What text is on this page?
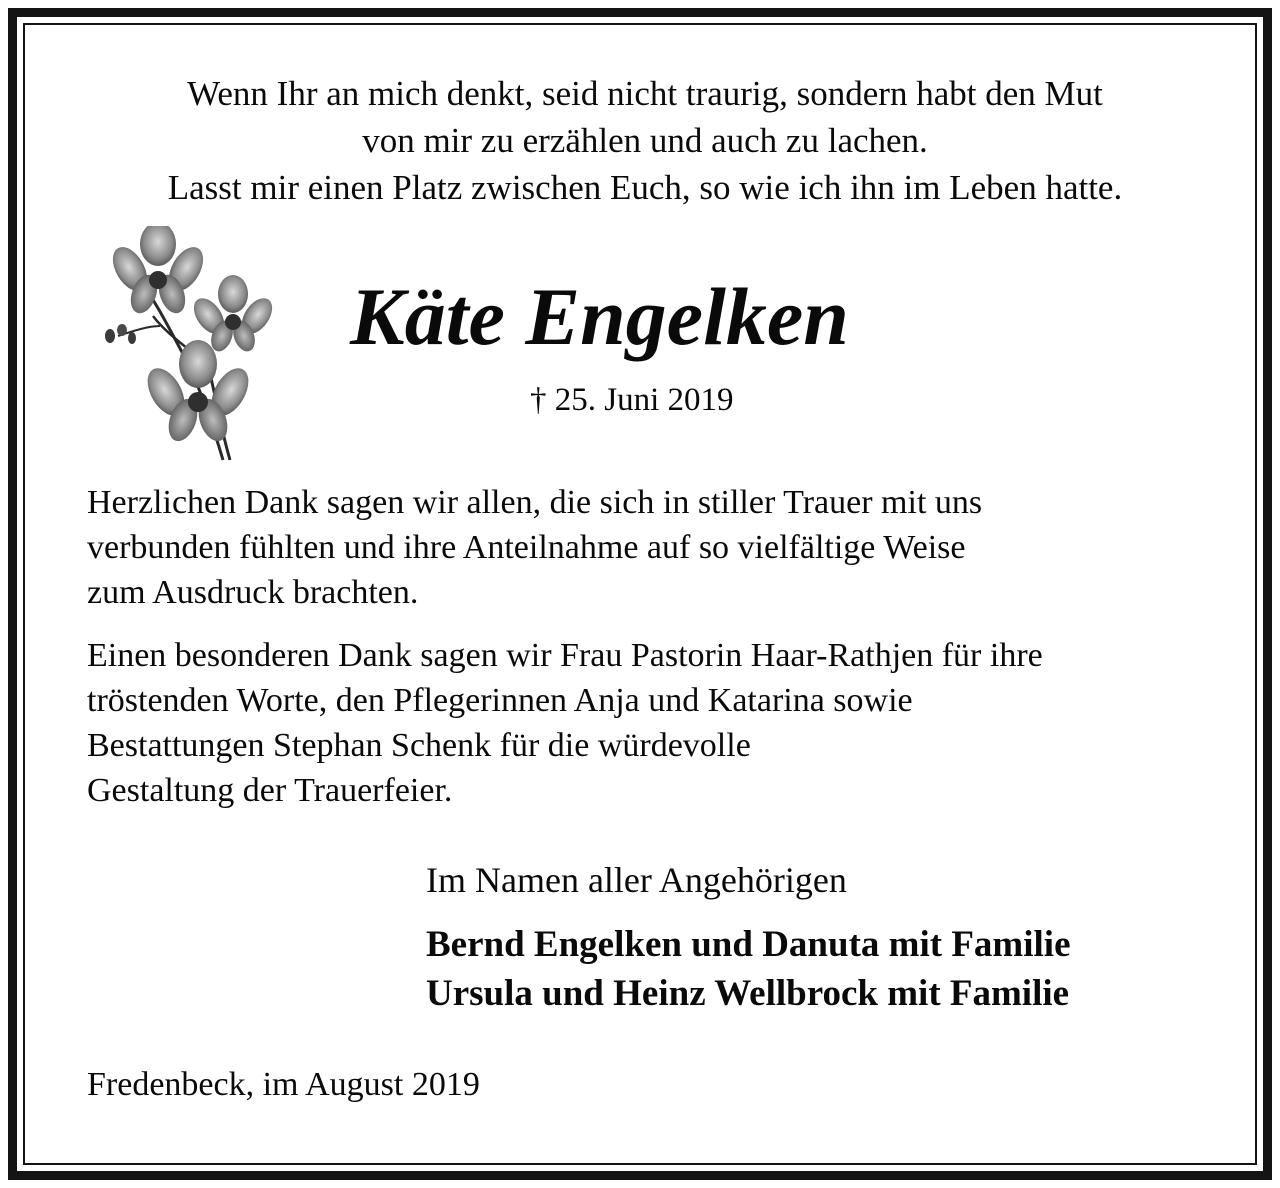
Wenn Ihr an mich denkt, seid nicht traurig, sondern habt den Mut
von mir zu erzählen und auch zu lachen.
Lasst mir einen Platz zwischen Euch, so wie ich ihn im Leben hatte.
Käte Engelken
† 25. Juni 2019
Herzlichen Dank sagen wir allen, die sich in stiller Trauer mit uns
verbunden fühlten und ihre Anteilnahme auf so vielfältige Weise
zum Ausdruck brachten.
Einen besonderen Dank sagen wir Frau Pastorin Haar-Rathjen für ihre
tröstenden Worte, den Pflegerinnen Anja und Katarina sowie
Bestattungen Stephan Schenk für die würdevolle
Gestaltung der Trauerfeier.
Im Namen aller Angehörigen
Bernd Engelken und Danuta mit Familie
Ursula und Heinz Wellbrock mit Familie
Fredenbeck, im August 2019
